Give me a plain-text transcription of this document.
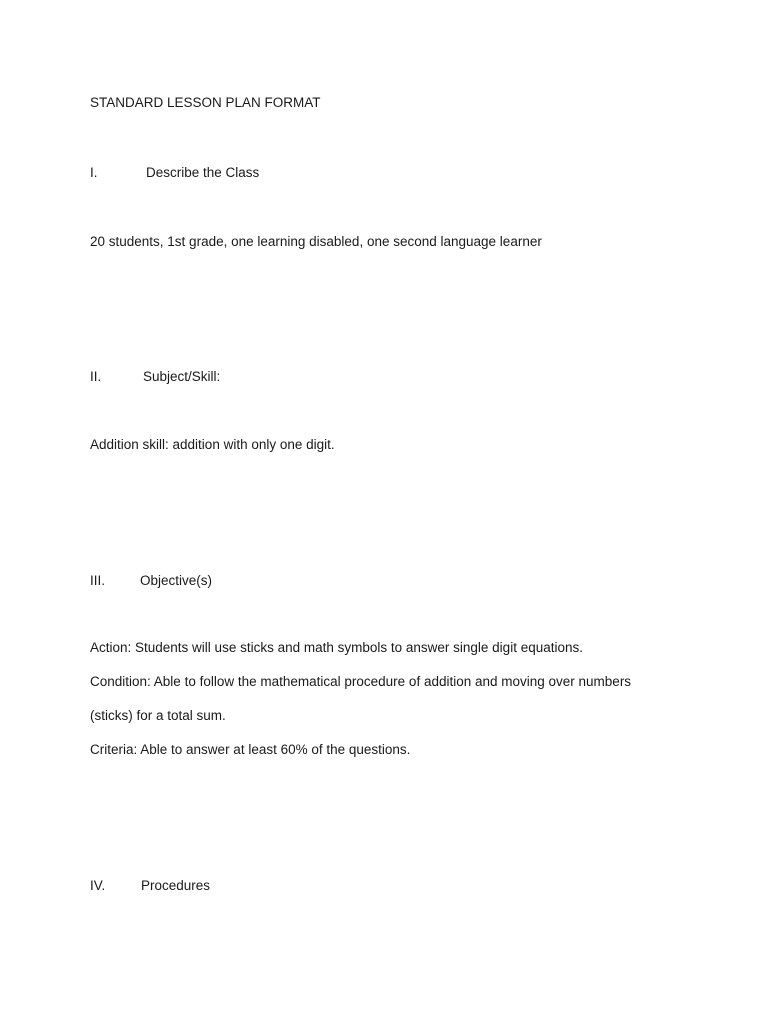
STANDARD LESSON PLAN FORMAT
I.	Describe the Class
20 students, 1st grade, one learning disabled, one second language learner
II.	Subject/Skill:
Addition skill: addition with only one digit.
III.	Objective(s)
Action: Students will use sticks and math symbols to answer single digit equations.
Condition: Able to follow the mathematical procedure of addition and moving over numbers
(sticks) for a total sum.
Criteria: Able to answer at least 60% of the questions.
IV.	Procedures
